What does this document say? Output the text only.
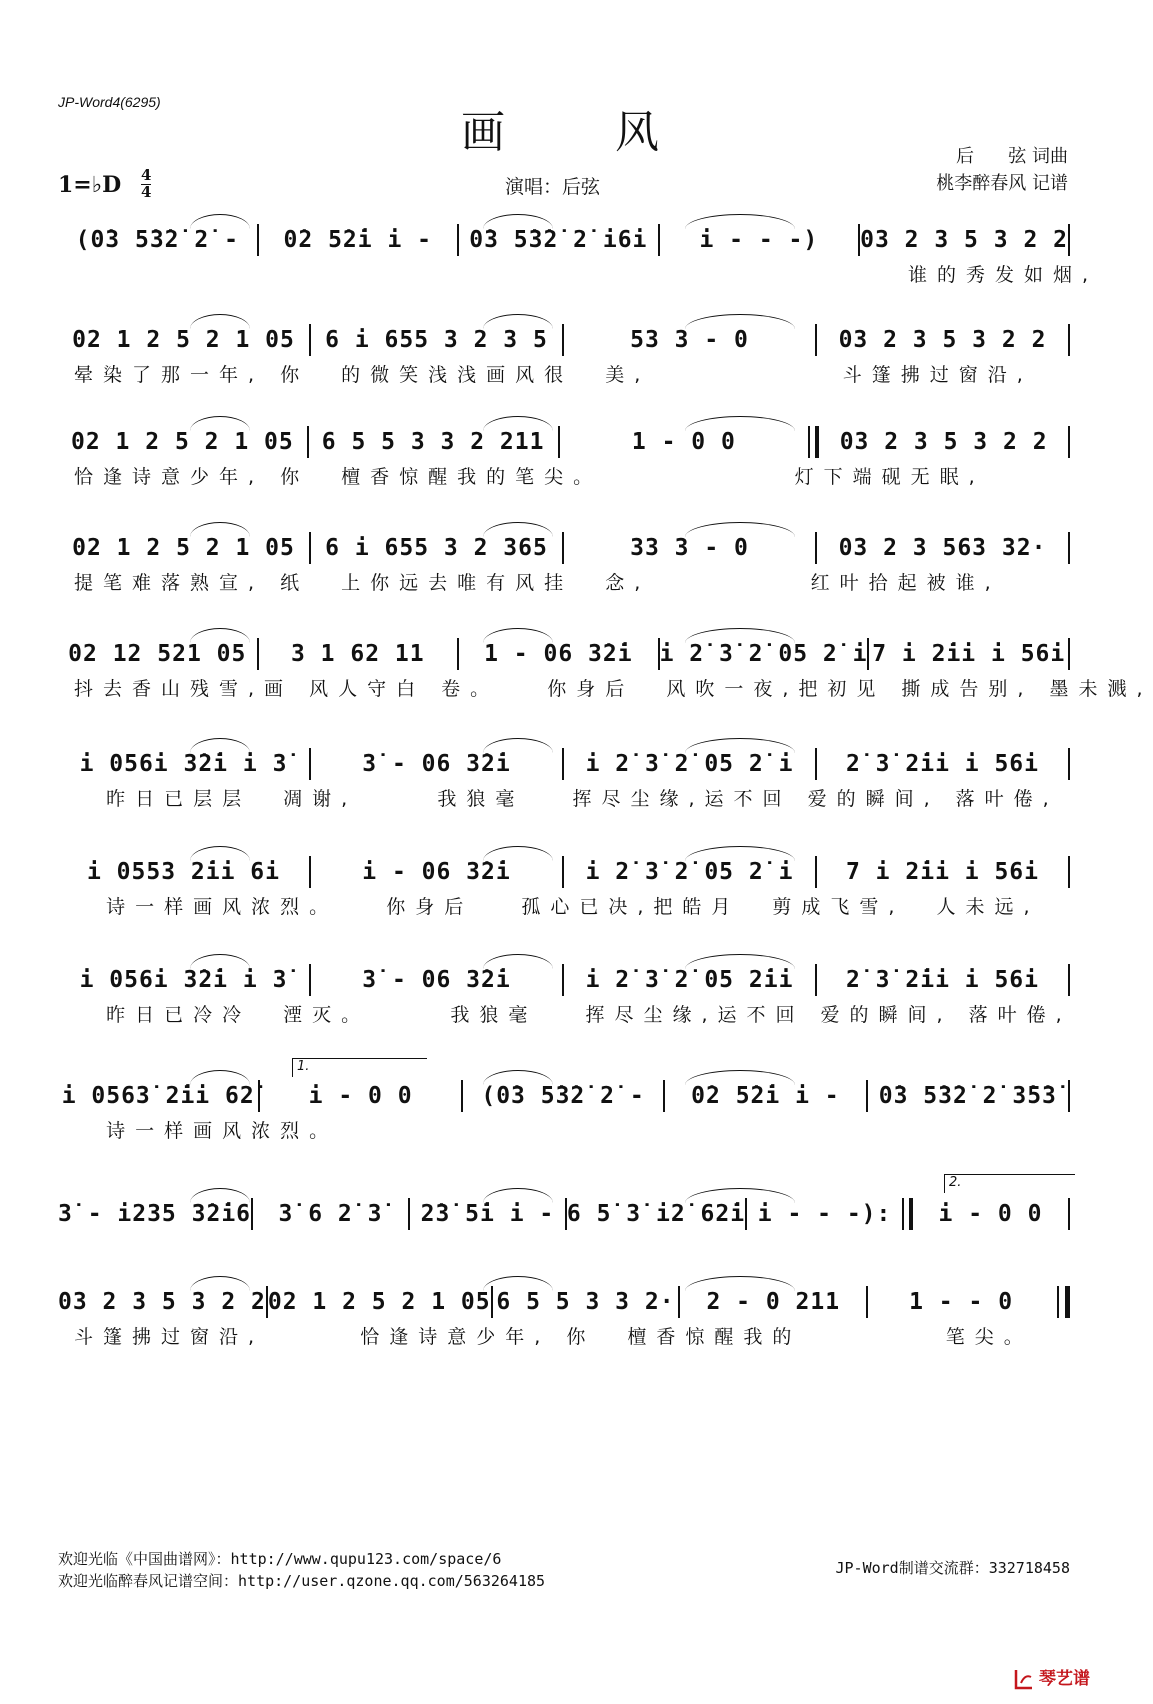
JP-Word4(6295)
画风	后      弦 词曲
桃李醉春风 记谱
1=♭D 4
4	演唱：后弦
(0̇3 5̇3̇2̇ 2̇ -	0̇2 5̇2̇i i -	0̇3 5̇3̇2̇ 2̇ i6i	i - - -)	03 2 3 5 3 2 2
谁的秀发如烟,
02 1 2 5 2 1 05	6 i 655 3 2 3 5	53 3 - 0	03 2 3 5 3 2 2
晕染了那一年, 你  的微笑浅浅画风很  美,            斗篷拂过窗沿,
02 1 2 5 2 1 05	6 5 5 3 3 2 211	1 - 0 0	03 2 3 5 3 2 2
恰逢诗意少年, 你  檀香惊醒我的笔尖。            灯下端砚无眠,
02 1 2 5 2 1 05	6 i 655 3 2 365	33 3 - 0	03 2 3 563 32·
提笔难落熟宣, 纸  上你远去唯有风挂  念,          红叶拾起被谁,
02 12 521 05	3 1 62 11	1 - 06 3̇2̇i	i 2̇ 3̇ 2̇ 05 2̇ i 7 i 2̇ii i 56i
抖去香山残雪,画 风人守白 卷。   你身后  风吹一夜,把初见 撕成告别, 墨未溅,
i 056i 3̇2̇i i 3̇	3̇ - 06 3̇2̇i	i 2̇ 3̇ 2̇ 05 2̇ i	2̇ 3̇ 2̇ii i 56i
昨日已层层  凋谢,     我狼毫   挥尽尘缘,运不回 爱的瞬间, 落叶倦,
i 0553 2̇ii 6i	i - 06 3̇2̇i	i 2̇ 3̇ 2̇ 05 2̇ i	7 i 2̇ii i 56i
诗一样画风浓烈。   你身后   孤心已决,把皓月  剪成飞雪,  人未远,
i 056i 3̇2̇i i 3̇	3̇ - 06 3̇2̇i	i 2̇ 3̇ 2̇ 05 2̇ii	2̇ 3̇ 2̇ii i 56i
昨日已冷冷  湮灭。     我狼毫   挥尽尘缘,运不回 爱的瞬间, 落叶倦,
i 0563̇ 2̇ii 62̇	i - 0 0	(0̇3 5̇3̇2̇ 2̇ -	0̇2 5̇2̇i i -	0̇3 5̇3̇2̇ 2̇ 3̇5̇3̇
诗一样画风浓烈。
1.
3̇ - i235 3̇2̇i6	3̇ 6 2̇ 3̇	2̇3̇ 5̇i i - 6 5̇ 3̇ i2̇ 62̇i i - - -):	i - 0 0
2.
03 2 3 5 3 2 2 02 1 2 5 2 1 05 6 5 5 3 3 2·	2 - 0 211	1 - - 0
斗篷拂过窗沿,      恰逢诗意少年, 你  檀香惊醒我的         笔尖。
欢迎光临《中国曲谱网》：http://www.qupu123.com/space/6
欢迎光临醉春风记谱空间：http://user.qzone.qq.com/563264185
JP-Word制谱交流群：332718458
琴艺谱
